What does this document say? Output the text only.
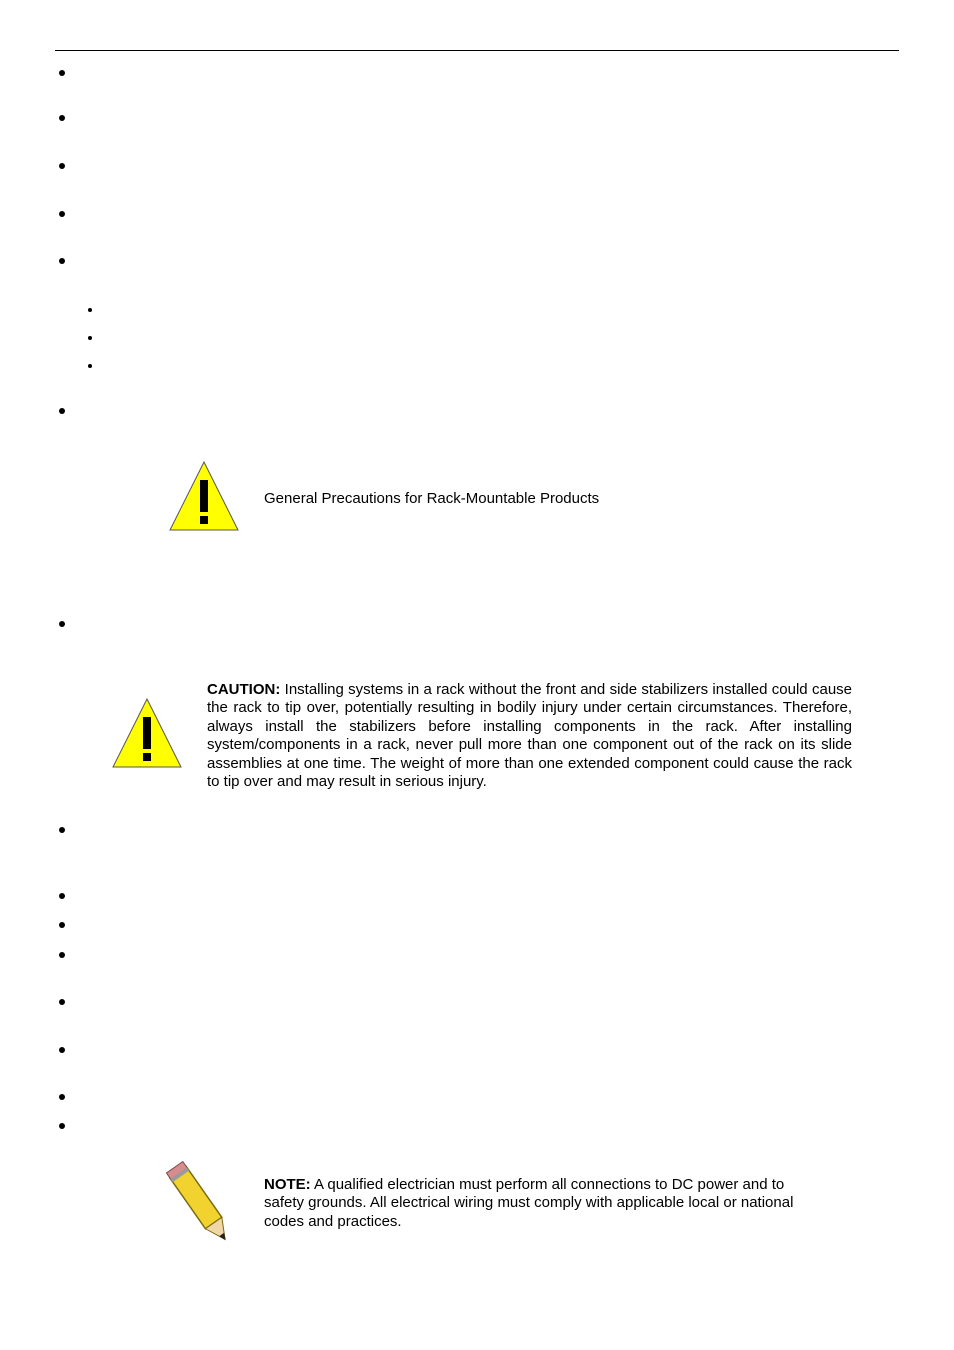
General Precautions for Rack-Mountable Products
CAUTION: Installing systems in a rack without the front and side stabilizers installed could cause the rack to tip over, potentially resulting in bodily injury under certain circumstances. Therefore, always install the stabilizers before installing components in the rack. After installing system/components in a rack, never pull more than one component out of the rack on its slide assemblies at one time. The weight of more than one extended component could cause the rack to tip over and may result in serious injury.
NOTE: A qualified electrician must perform all connections to DC power and to safety grounds. All electrical wiring must comply with applicable local or national codes and practices.
